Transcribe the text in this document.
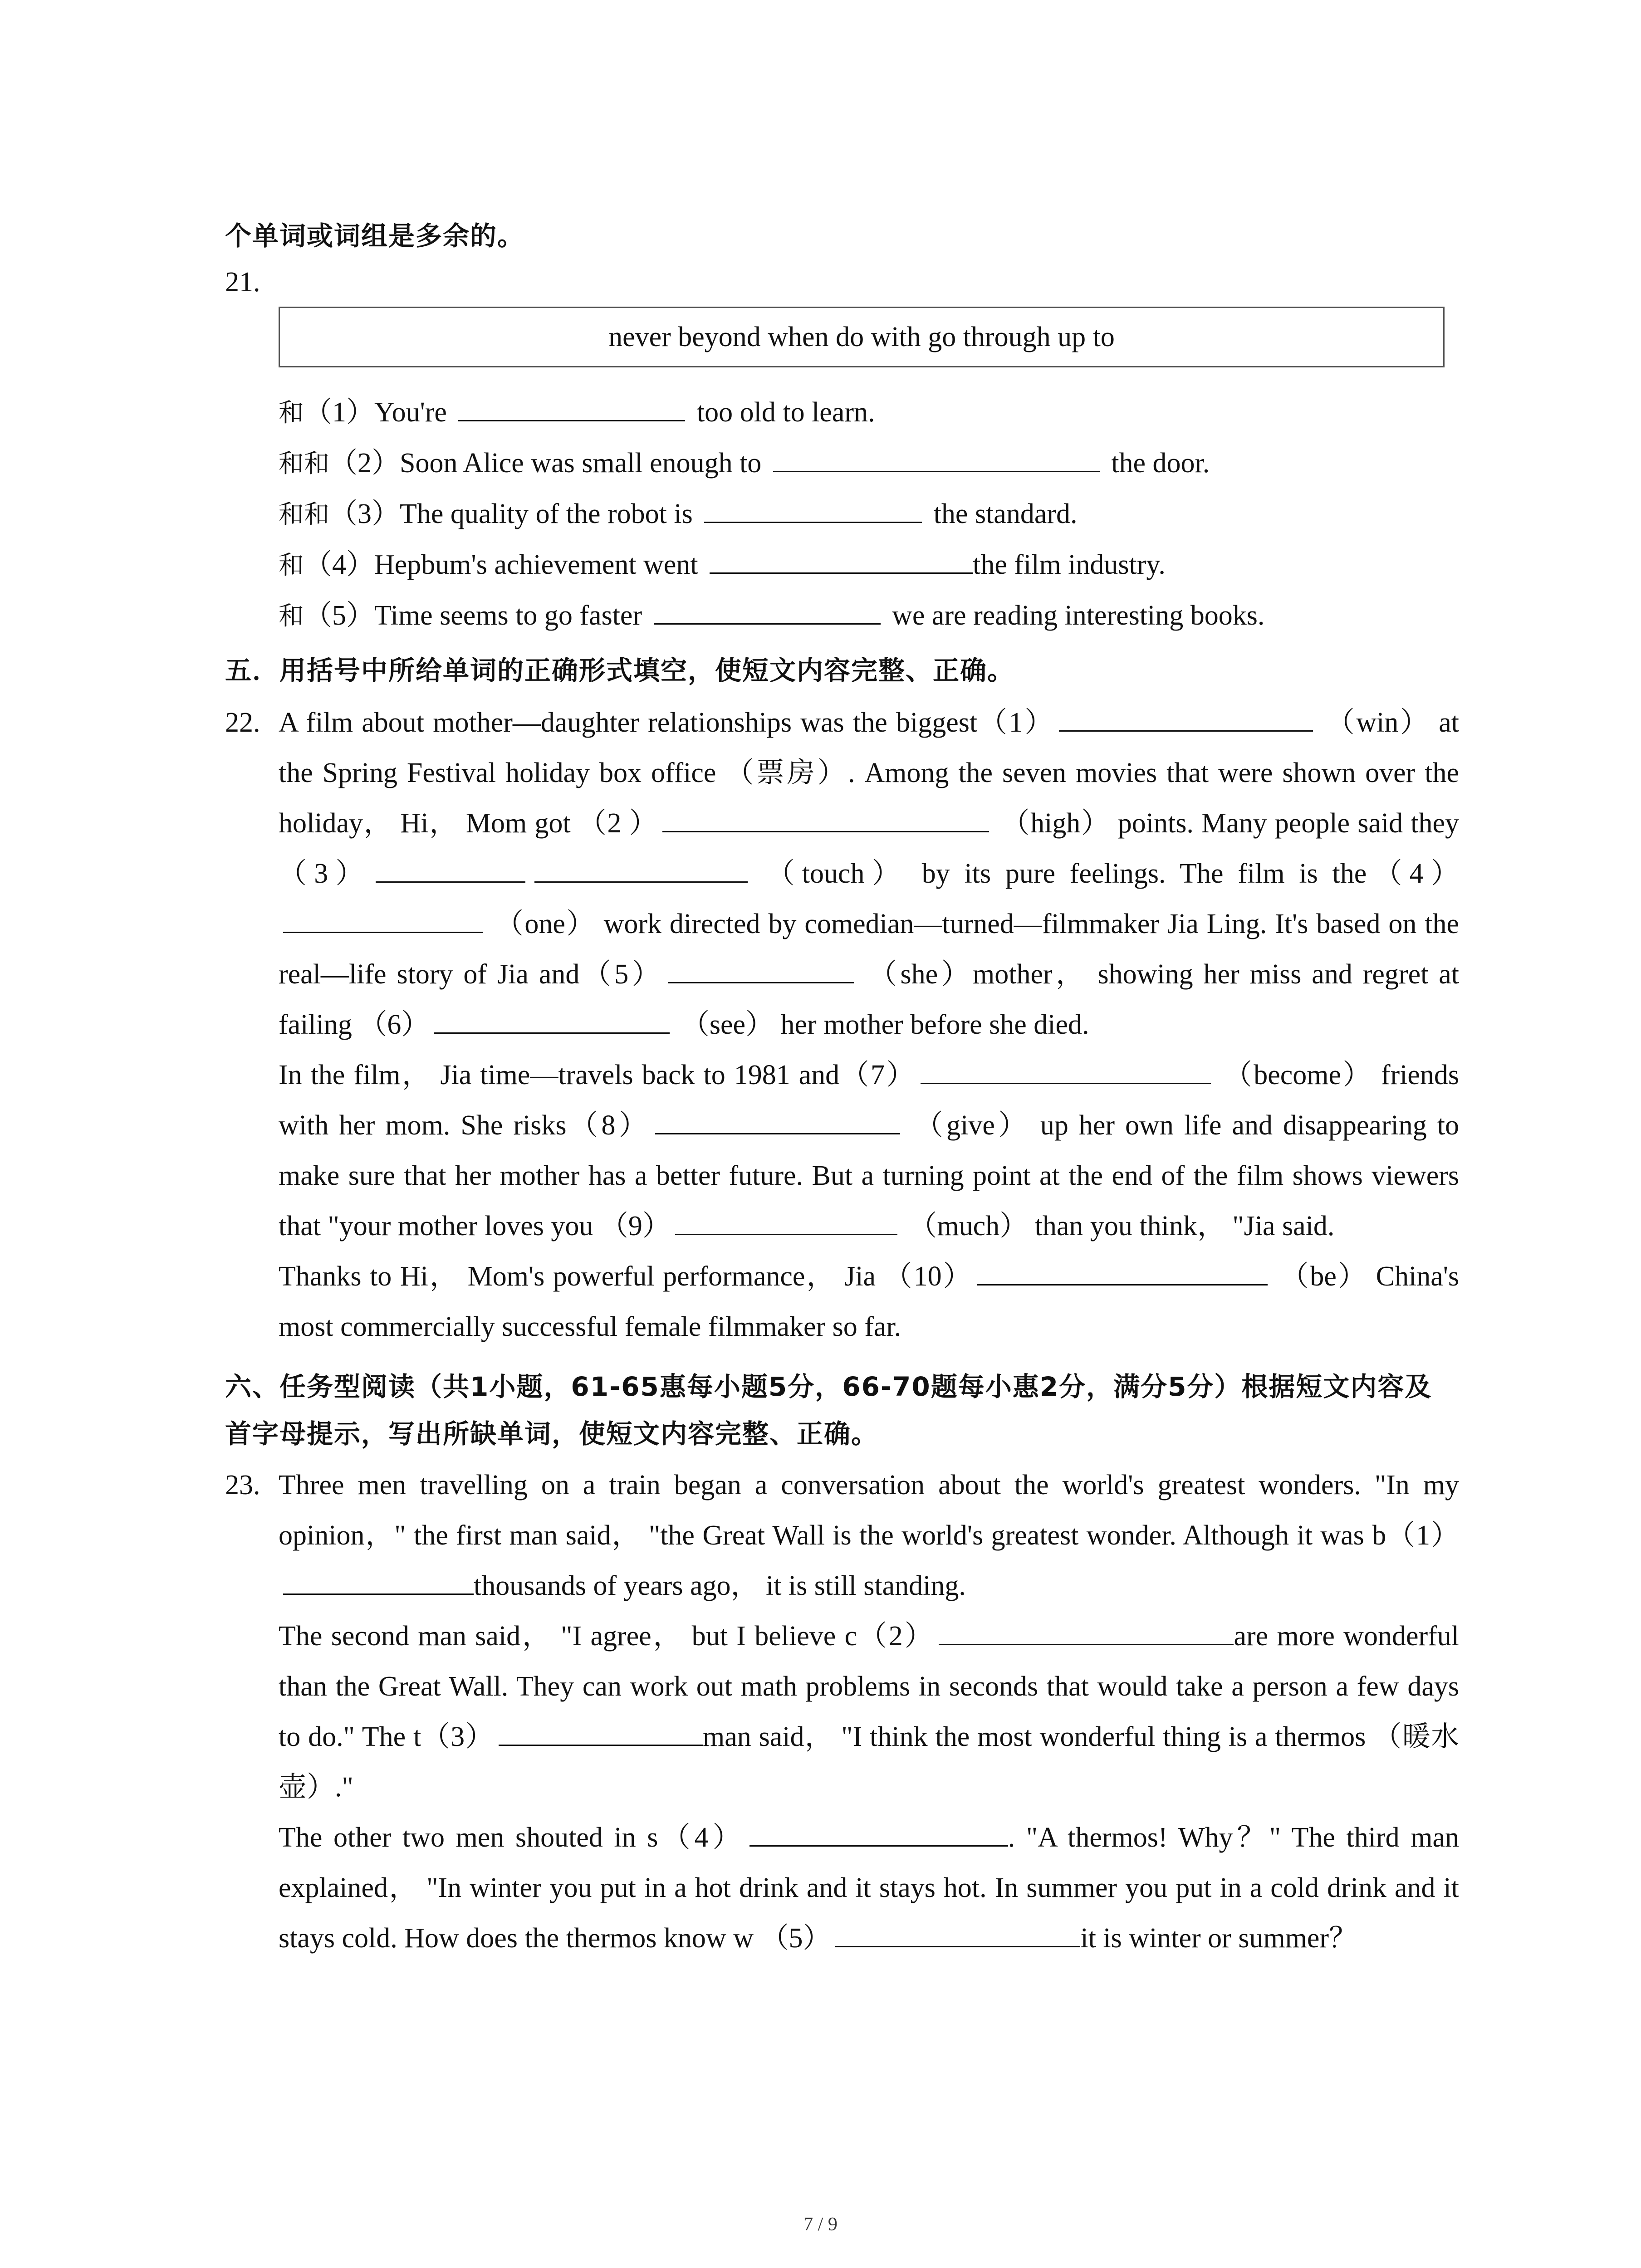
个单词或词组是多余的。
21.
never beyond when do with go through up to
和（1）You're	too old to learn.
和和（2）Soon Alice was small enough to	the door.
和和（3）The quality of the robot is	the standard.
和（4）Hepbum's achievement went	the film industry.
和（5）Time seems to go faster	we are reading interesting books.
五．用括号中所给单词的正确形式填空，使短文内容完整、正确。
22. A film about mother—daughter relationships was the biggest（1）	（win） at the Spring Festival holiday box office （票房）. Among the seven movies that were shown over the holiday， Hi， Mom got （2 ）	（high） points. Many people said they（3）	（touch） by its pure feelings. The film is the（4） （one） work directed by comedian—turned—filmmaker Jia Ling. It's based on the real—life story of Jia and（5）	（she）mother， showing her miss and regret at failing （6）	（see） her mother before she died.

In the film， Jia time—travels back to 1981 and（7）	（become） friends with her mom. She risks（8）	（give） up her own life and disappearing to make sure that her mother has a better future. But a turning point at the end of the film shows viewers that "your mother loves you （9）	（much） than you think， "Jia said.

Thanks to Hi， Mom's powerful performance， Jia （10）	（be） China's most commercially successful female filmmaker so far.

六、任务型阅读（共1小题，61-65惠每小题5分，66-70题每小惠2分，满分5分）根据短文内容及首字母提示，写出所缺单词，使短文内容完整、正确。
23. Three men travelling on a train began a conversation about the world's greatest wonders. "In my opinion，" the first man said， "the Great Wall is the world's greatest wonder. Although it was b（1）thousands of years ago， it is still standing.

The second man said， "I agree， but I believe c（2）	are more wonderful than the Great Wall. They can work out math problems in seconds that would take a person a few days to do." The t（3）	man said， "I think the most wonderful thing is a thermos （暖水壶）."

The other two men shouted in s（4）	. "A thermos! Why？" The third man explained， "In winter you put in a hot drink and it stays hot. In summer you put in a cold drink and it stays cold. How does the thermos know w （5）	it is winter or summer？

7 / 9
